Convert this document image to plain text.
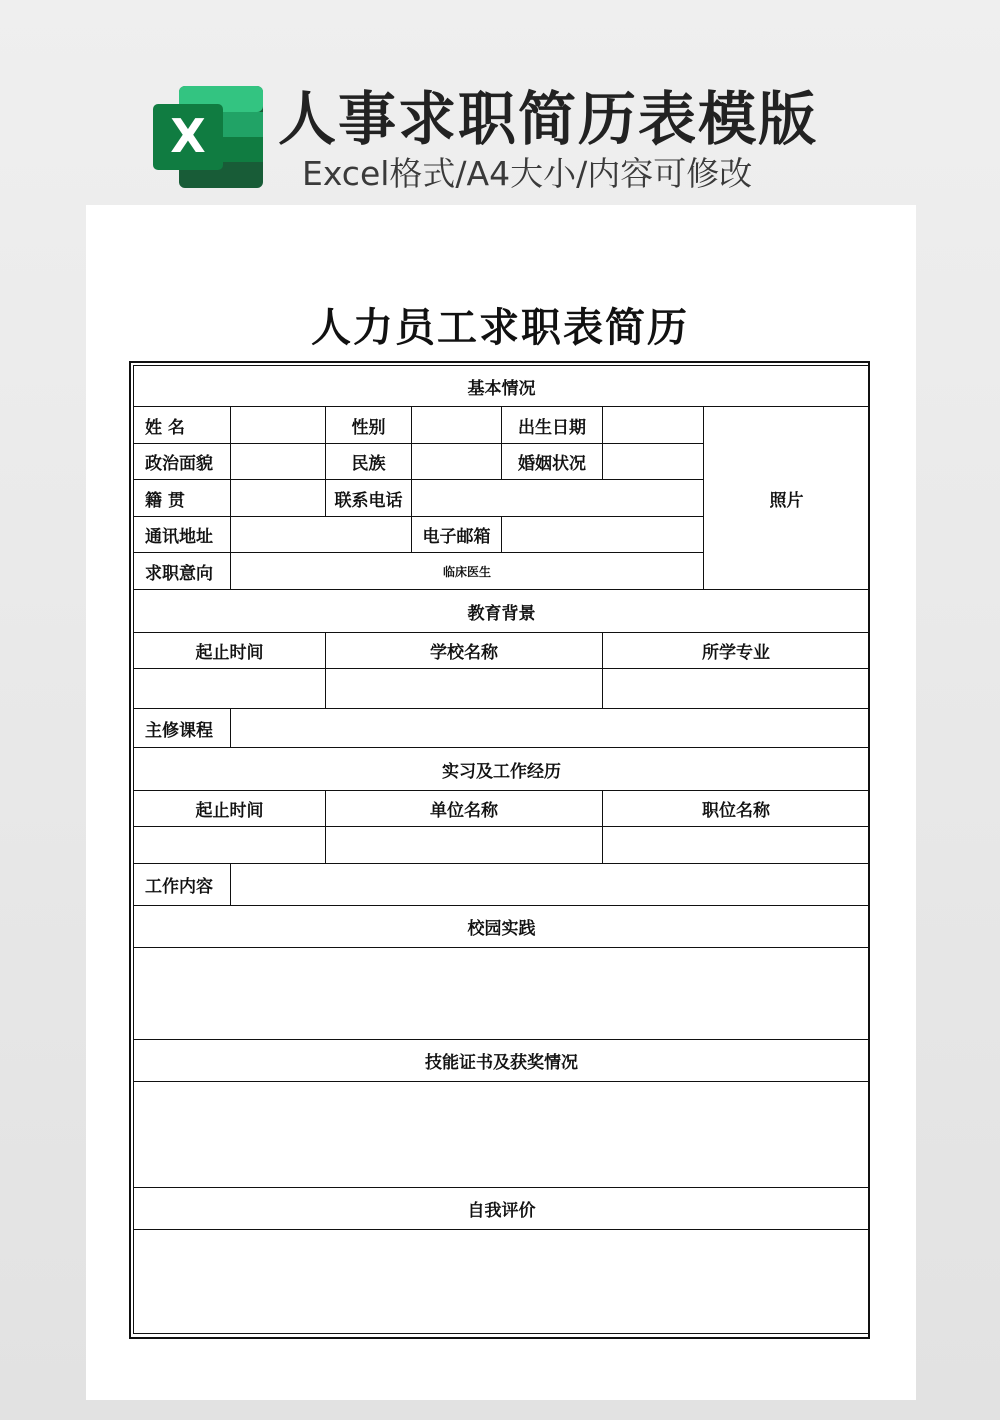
X 人事求职简历表模版
Excel格式/A4大小/内容可修改
人力员工求职表简历
基本情况						
姓 名		性别		出生日期		照片
政治面貌		民族		婚姻状况		
籍 贯		联系电话				
通讯地址			电子邮箱			
求职意向	临床医生					
教育背景						
起止时间		学校名称			所学专业	

主修课程						
实习及工作经历						
起止时间		单位名称			职位名称	

工作内容						
校园实践						

技能证书及获奖情况						

自我评价						
